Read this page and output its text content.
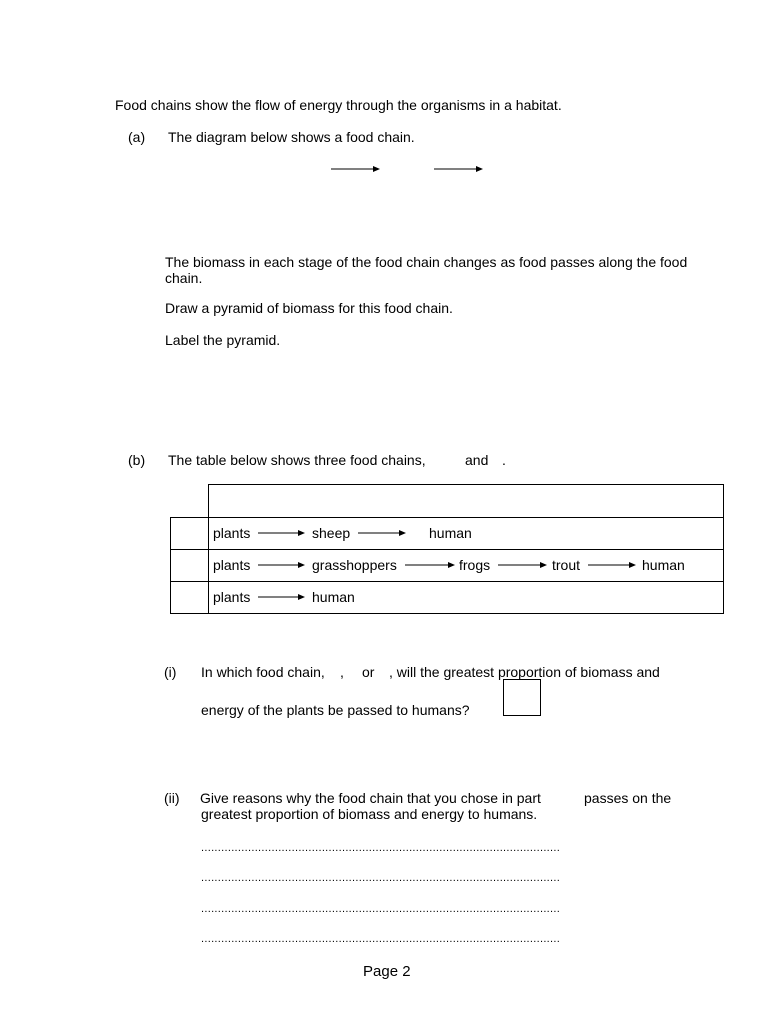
Food chains show the flow of energy through the organisms in a habitat.
(a) The diagram below shows a food chain.
The biomass in each stage of the food chain changes as food passes along the food chain.
Draw a pyramid of biomass for this food chain.
Label the pyramid.
(b) The table below shows three food chains,	and .

	plants sheep human

	plants grasshoppers frogs trout human

	plants human
(i) In which food chain, , or , will the greatest proportion of biomass and
energy of the plants be passed to humans?
(ii) Give reasons why the food chain that you chose in part	passes on the
greatest proportion of biomass and energy to humans.
...........................................................................................................
...........................................................................................................
...........................................................................................................
...........................................................................................................
Page 2
